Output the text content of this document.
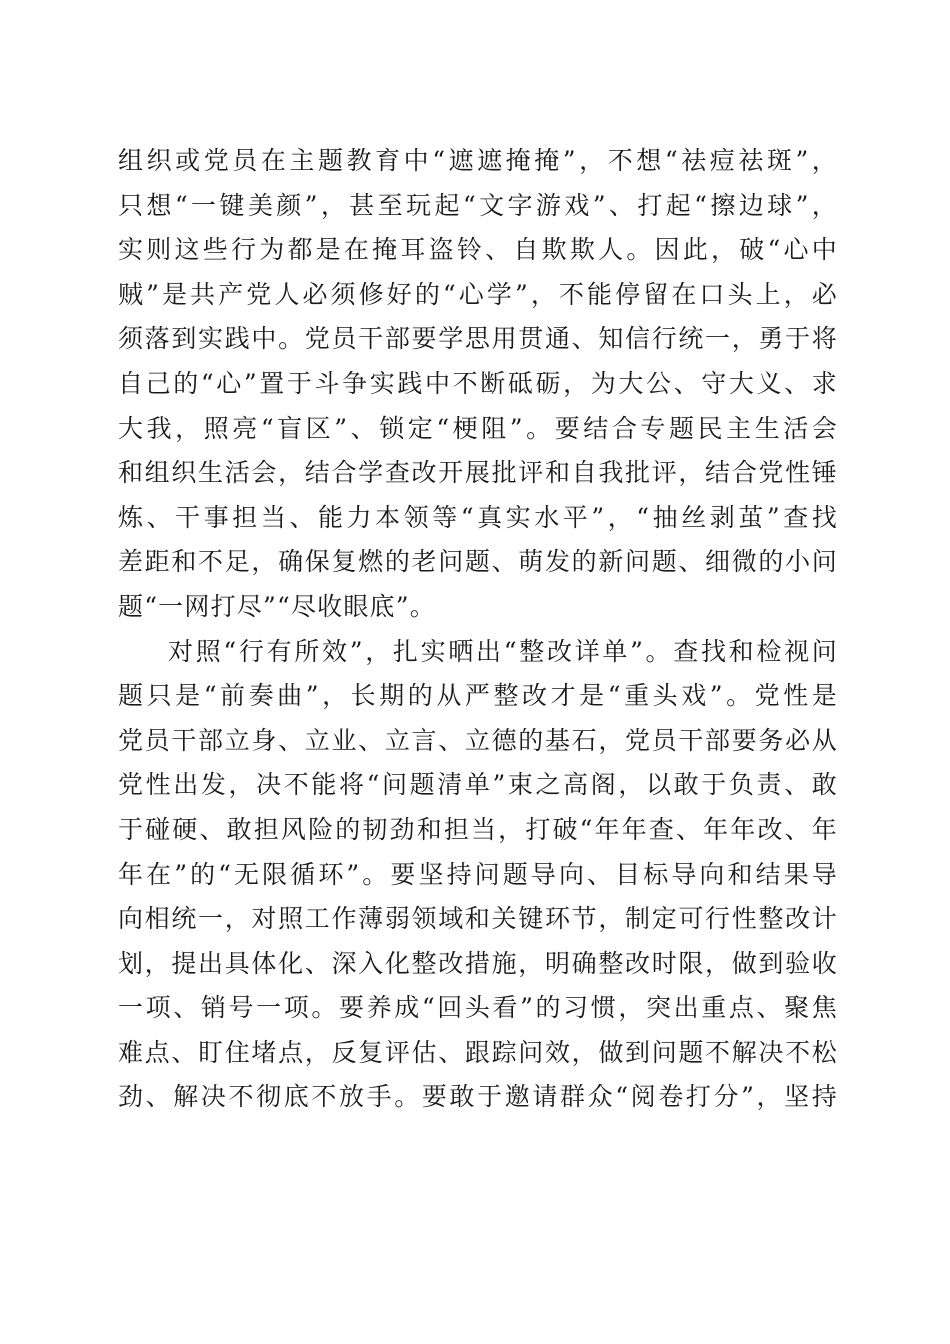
组织或党员在主题教育中“遮遮掩掩”，不想“祛痘祛斑”，
只想“一键美颜”，甚至玩起“文字游戏”、打起“擦边球”，
实则这些行为都是在掩耳盗铃、自欺欺人。因此，破“心中
贼”是共产党人必须修好的“心学”，不能停留在口头上，必
须落到实践中。党员干部要学思用贯通、知信行统一，勇于将
自己的“心”置于斗争实践中不断砥砺，为大公、守大义、求
大我，照亮“盲区”、锁定“梗阻”。要结合专题民主生活会
和组织生活会，结合学查改开展批评和自我批评，结合党性锤
炼、干事担当、能力本领等“真实水平”，“抽丝剥茧”查找
差距和不足，确保复燃的老问题、萌发的新问题、细微的小问
题“一网打尽”“尽收眼底”。
对照“行有所效”，扎实晒出“整改详单”。查找和检视问
题只是“前奏曲”，长期的从严整改才是“重头戏”。党性是
党员干部立身、立业、立言、立德的基石，党员干部要务必从
党性出发，决不能将“问题清单”束之高阁，以敢于负责、敢
于碰硬、敢担风险的韧劲和担当，打破“年年查、年年改、年
年在”的“无限循环”。要坚持问题导向、目标导向和结果导
向相统一，对照工作薄弱领域和关键环节，制定可行性整改计
划，提出具体化、深入化整改措施，明确整改时限，做到验收
一项、销号一项。要养成“回头看”的习惯，突出重点、聚焦
难点、盯住堵点，反复评估、跟踪问效，做到问题不解决不松
劲、解决不彻底不放手。要敢于邀请群众“阅卷打分”，坚持
